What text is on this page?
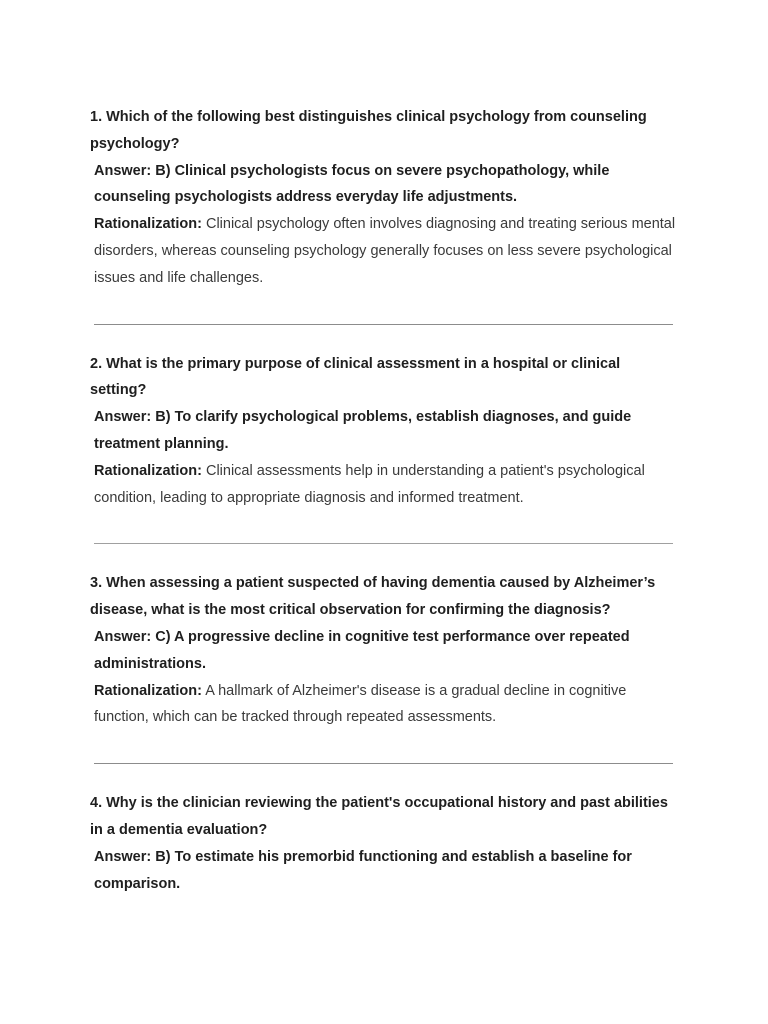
1. Which of the following best distinguishes clinical psychology from counseling psychology?
Answer: B) Clinical psychologists focus on severe psychopathology, while counseling psychologists address everyday life adjustments.
Rationalization: Clinical psychology often involves diagnosing and treating serious mental disorders, whereas counseling psychology generally focuses on less severe psychological issues and life challenges.
2. What is the primary purpose of clinical assessment in a hospital or clinical setting?
Answer: B) To clarify psychological problems, establish diagnoses, and guide treatment planning.
Rationalization: Clinical assessments help in understanding a patient's psychological condition, leading to appropriate diagnosis and informed treatment.
3. When assessing a patient suspected of having dementia caused by Alzheimer’s disease, what is the most critical observation for confirming the diagnosis?
Answer: C) A progressive decline in cognitive test performance over repeated administrations.
Rationalization: A hallmark of Alzheimer's disease is a gradual decline in cognitive function, which can be tracked through repeated assessments.
4. Why is the clinician reviewing the patient's occupational history and past abilities in a dementia evaluation?
Answer: B) To estimate his premorbid functioning and establish a baseline for comparison.
